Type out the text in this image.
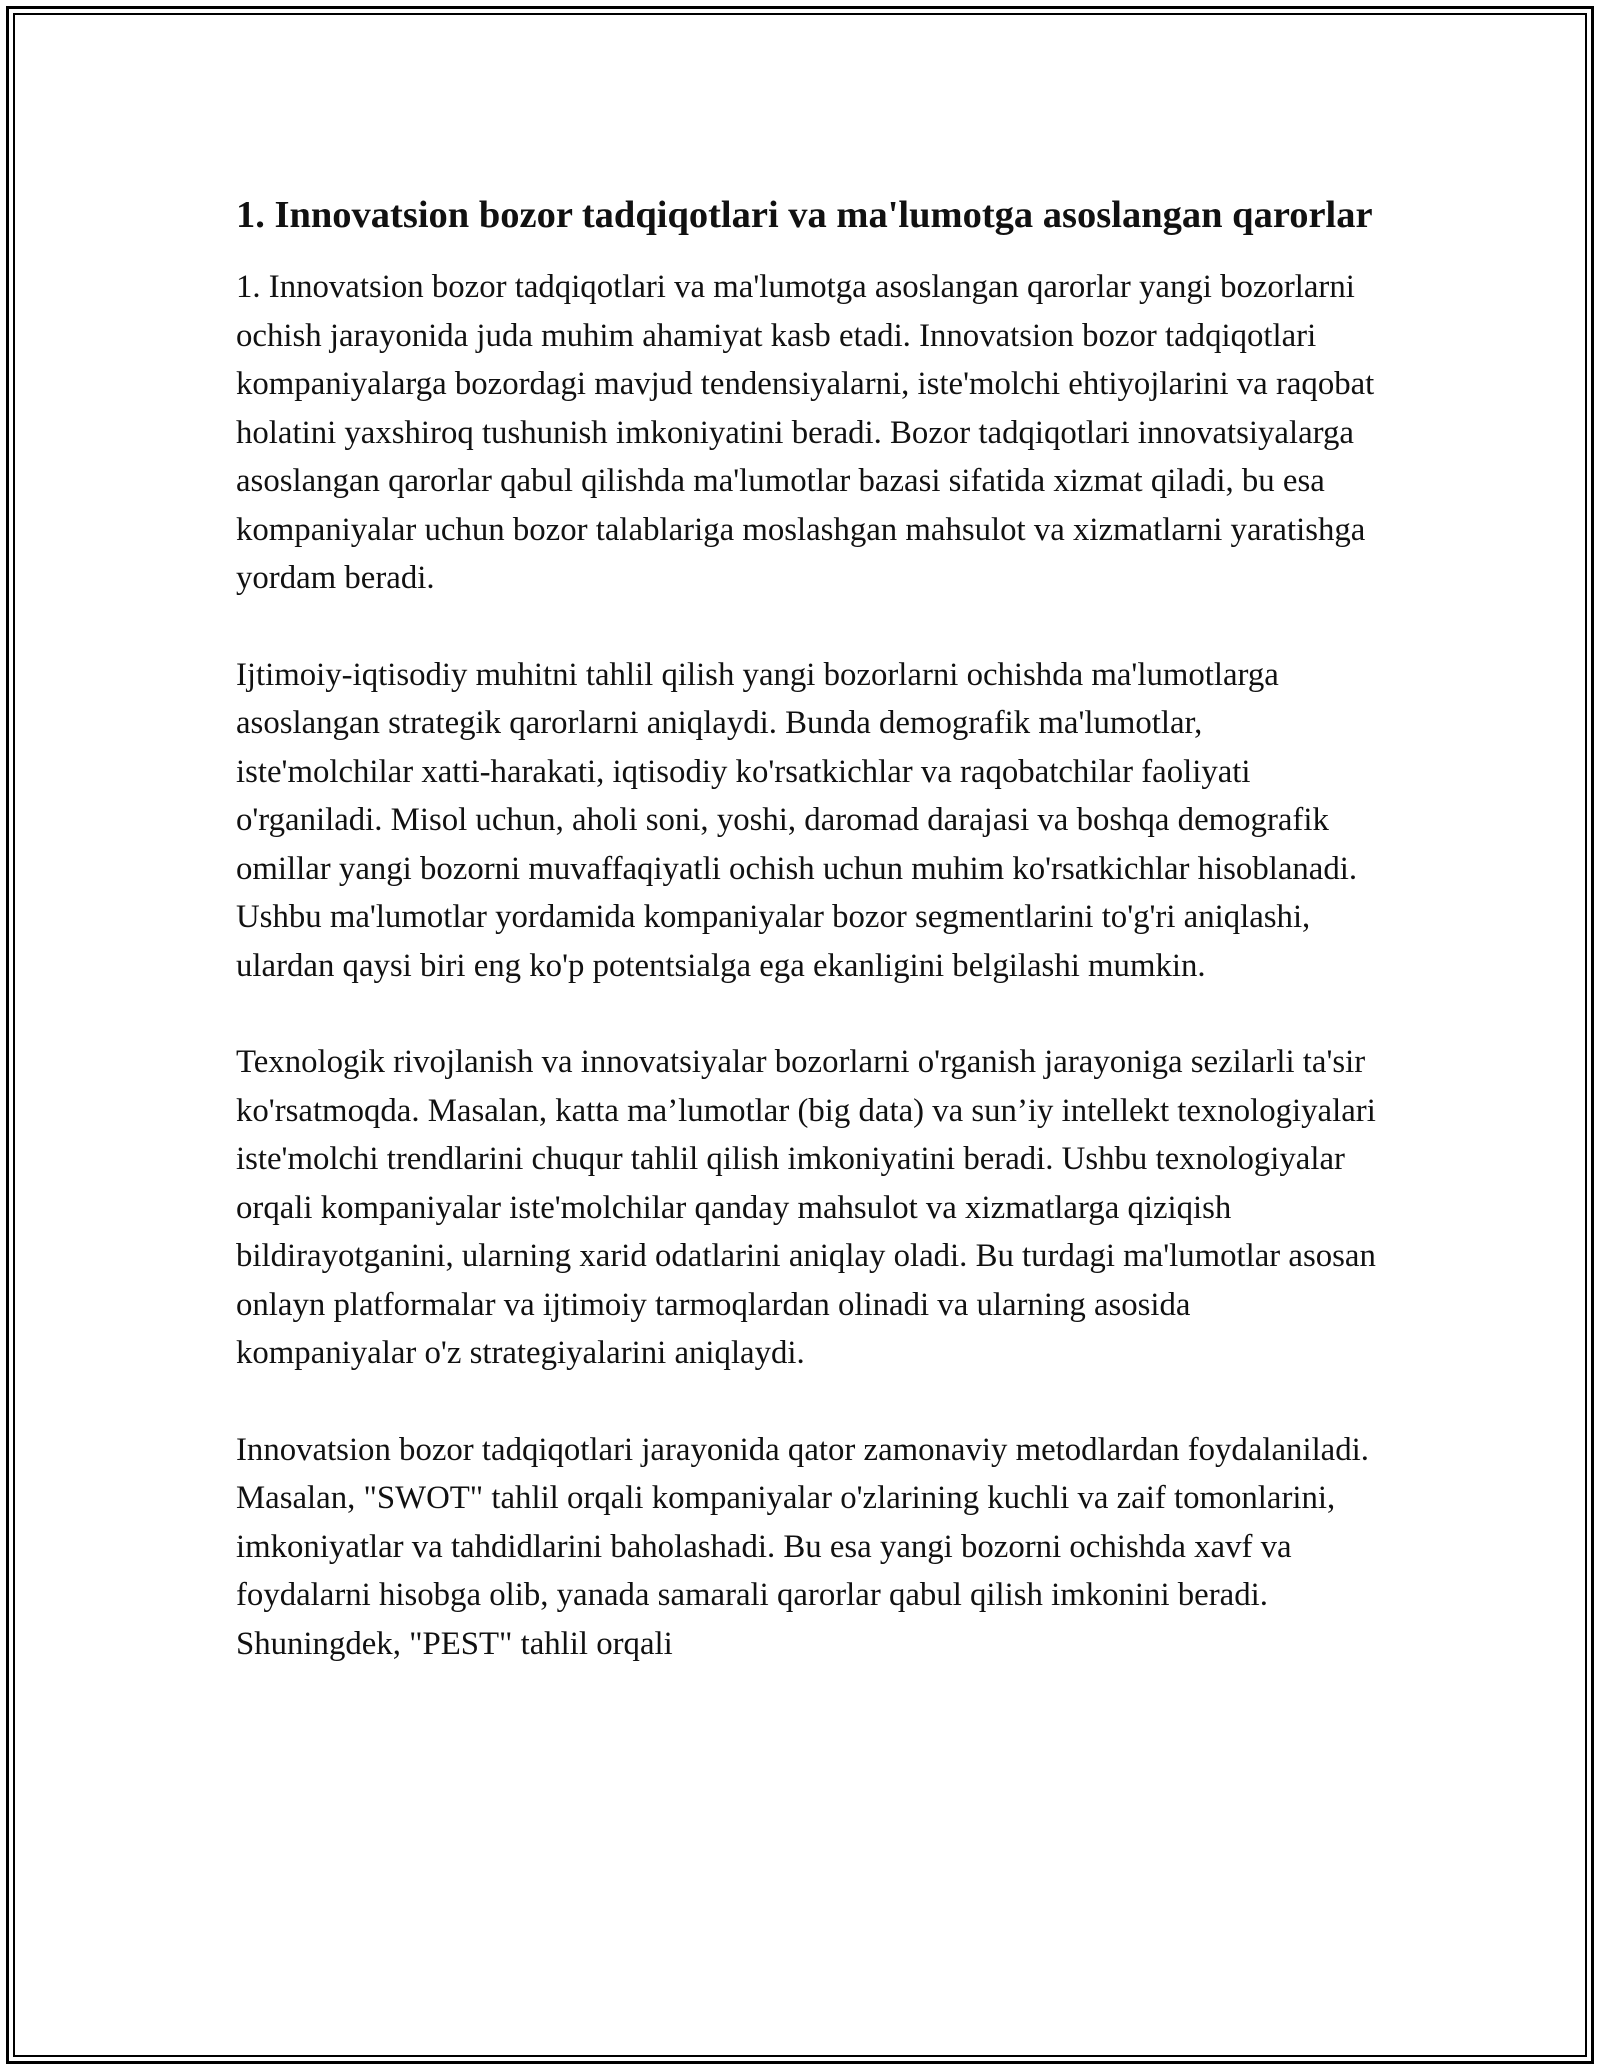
1. Innovatsion bozor tadqiqotlari va ma'lumotga asoslangan qarorlar

1. Innovatsion bozor tadqiqotlari va ma'lumotga asoslangan qarorlar yangi bozorlarni ochish jarayonida juda muhim ahamiyat kasb etadi. Innovatsion bozor tadqiqotlari kompaniyalarga bozordagi mavjud tendensiyalarni, iste'molchi ehtiyojlarini va raqobat holatini yaxshiroq tushunish imkoniyatini beradi. Bozor tadqiqotlari innovatsiyalarga asoslangan qarorlar qabul qilishda ma'lumotlar bazasi sifatida xizmat qiladi, bu esa kompaniyalar uchun bozor talablariga moslashgan mahsulot va xizmatlarni yaratishga yordam beradi.

Ijtimoiy-iqtisodiy muhitni tahlil qilish yangi bozorlarni ochishda ma'lumotlarga asoslangan strategik qarorlarni aniqlaydi. Bunda demografik ma'lumotlar, iste'molchilar xatti-harakati, iqtisodiy ko'rsatkichlar va raqobatchilar faoliyati o'rganiladi. Misol uchun, aholi soni, yoshi, daromad darajasi va boshqa demografik omillar yangi bozorni muvaffaqiyatli ochish uchun muhim ko'rsatkichlar hisoblanadi. Ushbu ma'lumotlar yordamida kompaniyalar bozor segmentlarini to'g'ri aniqlashi, ulardan qaysi biri eng ko'p potentsialga ega ekanligini belgilashi mumkin.

Texnologik rivojlanish va innovatsiyalar bozorlarni o'rganish jarayoniga sezilarli ta'sir ko'rsatmoqda. Masalan, katta ma’lumotlar (big data) va sun’iy intellekt texnologiyalari iste'molchi trendlarini chuqur tahlil qilish imkoniyatini beradi. Ushbu texnologiyalar orqali kompaniyalar iste'molchilar qanday mahsulot va xizmatlarga qiziqish bildirayotganini, ularning xarid odatlarini aniqlay oladi. Bu turdagi ma'lumotlar asosan onlayn platformalar va ijtimoiy tarmoqlardan olinadi va ularning asosida kompaniyalar o'z strategiyalarini aniqlaydi.

Innovatsion bozor tadqiqotlari jarayonida qator zamonaviy metodlardan foydalaniladi. Masalan, "SWOT" tahlil orqali kompaniyalar o'zlarining kuchli va zaif tomonlarini, imkoniyatlar va tahdidlarini baholashadi. Bu esa yangi bozorni ochishda xavf va foydalarni hisobga olib, yanada samarali qarorlar qabul qilish imkonini beradi. Shuningdek, "PEST" tahlil orqali
